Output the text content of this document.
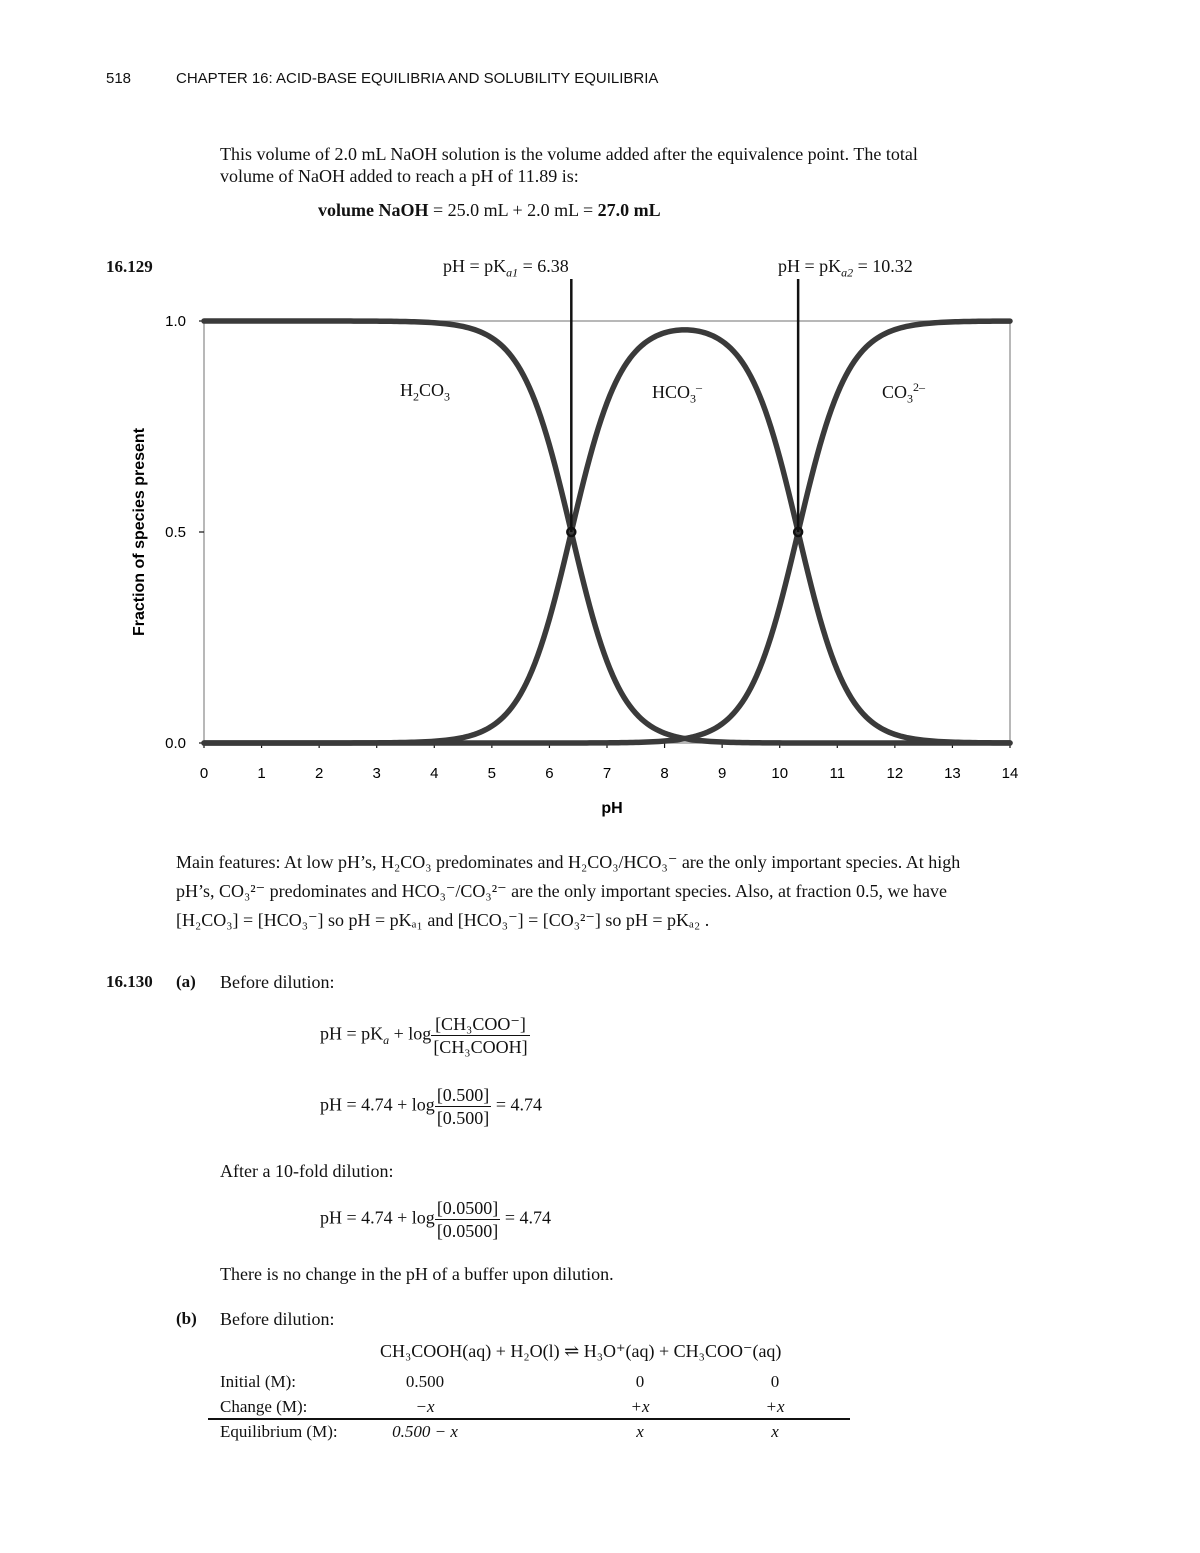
518	CHAPTER 16: ACID-BASE EQUILIBRIA AND SOLUBILITY EQUILIBRIA
This volume of 2.0 mL NaOH solution is the volume added after the equivalence point. The total
volume of NaOH added to reach a pH of 11.89 is:
volume NaOH = 25.0 mL + 2.0 mL = 27.0 mL
16.129	pH = $pK_{a1} = 6.38$	pH = $pK_{a2} = 10.32$
0	1	2	3	4	5	6	7	8	9	10	11	12	13	14
0.0
0.5
1.0
pH
Fraction of species present
$H_2CO_3$	$HCO_3^-$	$CO_3^{2-}$
Main features: At low pH’s, H₂CO₃ predominates and H₂CO₃/HCO₃⁻ are the only important species. At high
pH’s, CO₃²⁻ predominates and HCO₃⁻/CO₃²⁻ are the only important species. Also, at fraction 0.5, we have
[H₂CO₃] = [HCO₃⁻] so pH = pKₐ₁ and [HCO₃⁻] = [CO₃²⁻] so pH = pKₐ₂ .
16.130 (a) Before dilution:
pH = $pK_a + \log \frac{\text{[CH₃COO⁻]}}{\text{[CH₃COOH]}}$
pH = $4.74 + \log \frac{[0.500]}{[0.500]} = 4.74$
After a 10-fold dilution:
pH = $4.74 + \log \frac{[0.0500]}{[0.0500]} = 4.74$
There is no change in the pH of a buffer upon dilution.
(b) Before dilution:
CH₃COOH(aq) + H₂O(l) ⇌ H₃O⁺(aq) + CH₃COO⁻(aq)
Initial (M):	0.500	0	0
Change (M):	−x	+x	+x
Equilibrium (M):	0.500 − x	x	x
